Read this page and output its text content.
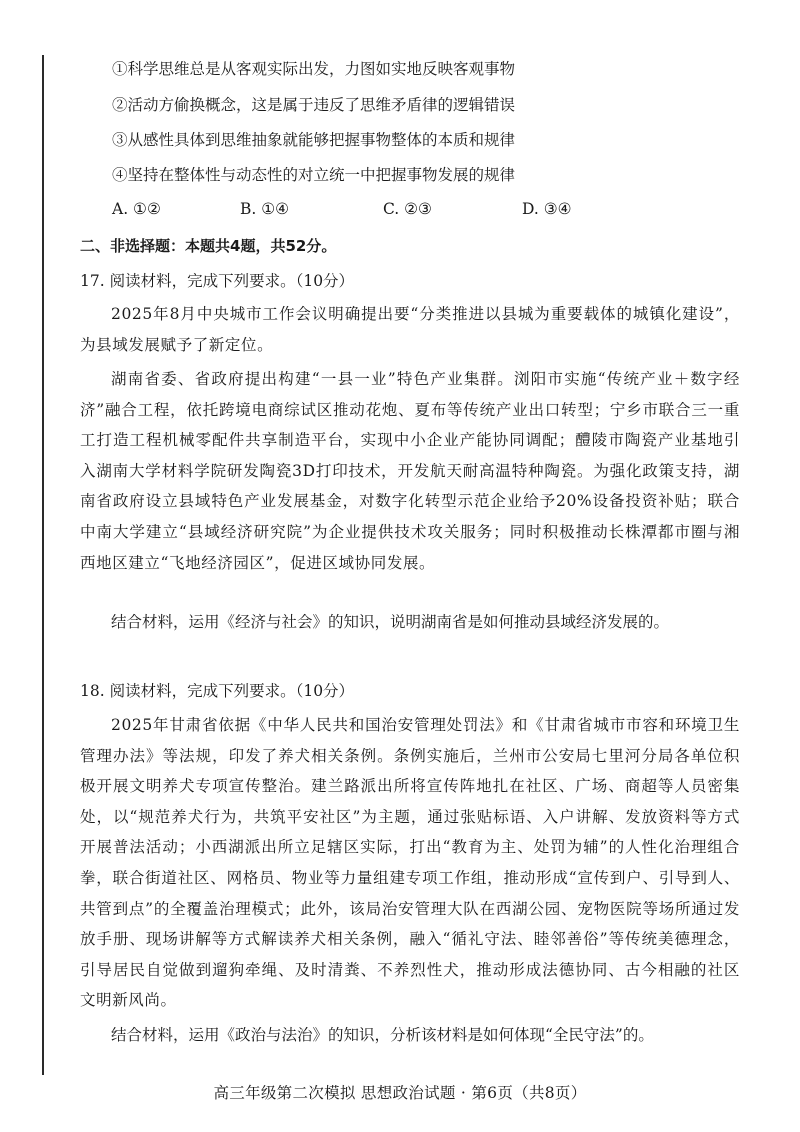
①科学思维总是从客观实际出发，力图如实地反映客观事物
②活动方偷换概念，这是属于违反了思维矛盾律的逻辑错误
③从感性具体到思维抽象就能够把握事物整体的本质和规律
④坚持在整体性与动态性的对立统一中把握事物发展的规律
A. ①②	B. ①④	C. ②③	D. ③④
二、非选择题：本题共4题，共52分。
17. 阅读材料，完成下列要求。（10分）
2025年8月中央城市工作会议明确提出要“分类推进以县城为重要载体的城镇化建设”，为县域发展赋予了新定位。
湖南省委、省政府提出构建“一县一业”特色产业集群。浏阳市实施“传统产业＋数字经济”融合工程，依托跨境电商综试区推动花炮、夏布等传统产业出口转型；宁乡市联合三一重工打造工程机械零配件共享制造平台，实现中小企业产能协同调配；醴陵市陶瓷产业基地引入湖南大学材料学院研发陶瓷3D打印技术，开发航天耐高温特种陶瓷。为强化政策支持，湖南省政府设立县域特色产业发展基金，对数字化转型示范企业给予20%设备投资补贴；联合中南大学建立“县域经济研究院”为企业提供技术攻关服务；同时积极推动长株潭都市圈与湘西地区建立“飞地经济园区”，促进区域协同发展。
结合材料，运用《经济与社会》的知识，说明湖南省是如何推动县域经济发展的。
18. 阅读材料，完成下列要求。（10分）
2025年甘肃省依据《中华人民共和国治安管理处罚法》和《甘肃省城市市容和环境卫生管理办法》等法规，印发了养犬相关条例。条例实施后，兰州市公安局七里河分局各单位积极开展文明养犬专项宣传整治。建兰路派出所将宣传阵地扎在社区、广场、商超等人员密集处，以“规范养犬行为，共筑平安社区”为主题，通过张贴标语、入户讲解、发放资料等方式开展普法活动；小西湖派出所立足辖区实际，打出“教育为主、处罚为辅”的人性化治理组合拳，联合街道社区、网格员、物业等力量组建专项工作组，推动形成“宣传到户、引导到人、共管到点”的全覆盖治理模式；此外，该局治安管理大队在西湖公园、宠物医院等场所通过发放手册、现场讲解等方式解读养犬相关条例，融入“循礼守法、睦邻善俗”等传统美德理念，引导居民自觉做到遛狗牵绳、及时清粪、不养烈性犬，推动形成法德协同、古今相融的社区文明新风尚。
结合材料，运用《政治与法治》的知识，分析该材料是如何体现“全民守法”的。
高三年级第二次模拟 思想政治试题 · 第6页（共8页）
